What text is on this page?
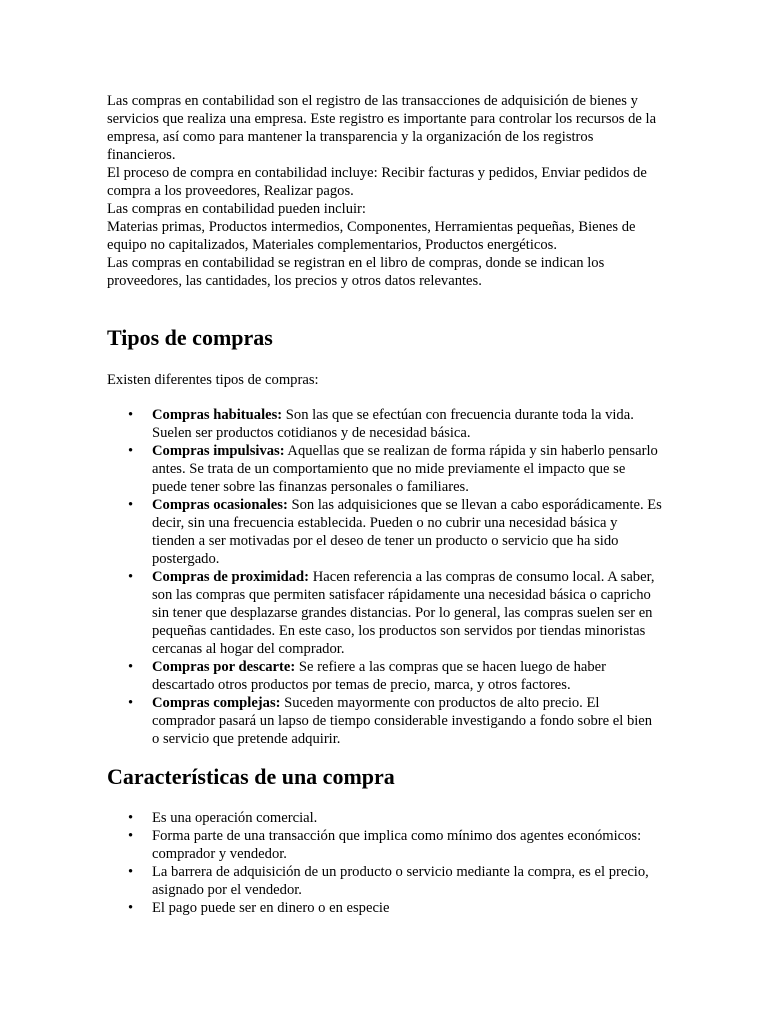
Las compras en contabilidad son el registro de las transacciones de adquisición de bienes y servicios que realiza una empresa. Este registro es importante para controlar los recursos de la empresa, así como para mantener la transparencia y la organización de los registros financieros.

El proceso de compra en contabilidad incluye: Recibir facturas y pedidos, Enviar pedidos de compra a los proveedores, Realizar pagos.

Las compras en contabilidad pueden incluir:

Materias primas, Productos intermedios, Componentes, Herramientas pequeñas, Bienes de equipo no capitalizados, Materiales complementarios, Productos energéticos.

Las compras en contabilidad se registran en el libro de compras, donde se indican los proveedores, las cantidades, los precios y otros datos relevantes.

Tipos de compras

Existen diferentes tipos de compras:

• Compras habituales: Son las que se efectúan con frecuencia durante toda la vida. Suelen ser productos cotidianos y de necesidad básica.
• Compras impulsivas: Aquellas que se realizan de forma rápida y sin haberlo pensarlo antes. Se trata de un comportamiento que no mide previamente el impacto que se puede tener sobre las finanzas personales o familiares.
• Compras ocasionales: Son las adquisiciones que se llevan a cabo esporádicamente. Es decir, sin una frecuencia establecida. Pueden o no cubrir una necesidad básica y tienden a ser motivadas por el deseo de tener un producto o servicio que ha sido postergado.
• Compras de proximidad: Hacen referencia a las compras de consumo local. A saber, son las compras que permiten satisfacer rápidamente una necesidad básica o capricho sin tener que desplazarse grandes distancias. Por lo general, las compras suelen ser en pequeñas cantidades. En este caso, los productos son servidos por tiendas minoristas cercanas al hogar del comprador.
• Compras por descarte: Se refiere a las compras que se hacen luego de haber descartado otros productos por temas de precio, marca, y otros factores.
• Compras complejas: Suceden mayormente con productos de alto precio. El comprador pasará un lapso de tiempo considerable investigando a fondo sobre el bien o servicio que pretende adquirir.
Características de una compra
• Es una operación comercial.
• Forma parte de una transacción que implica como mínimo dos agentes económicos: comprador y vendedor.
• La barrera de adquisición de un producto o servicio mediante la compra, es el precio, asignado por el vendedor.
• El pago puede ser en dinero o en especie
